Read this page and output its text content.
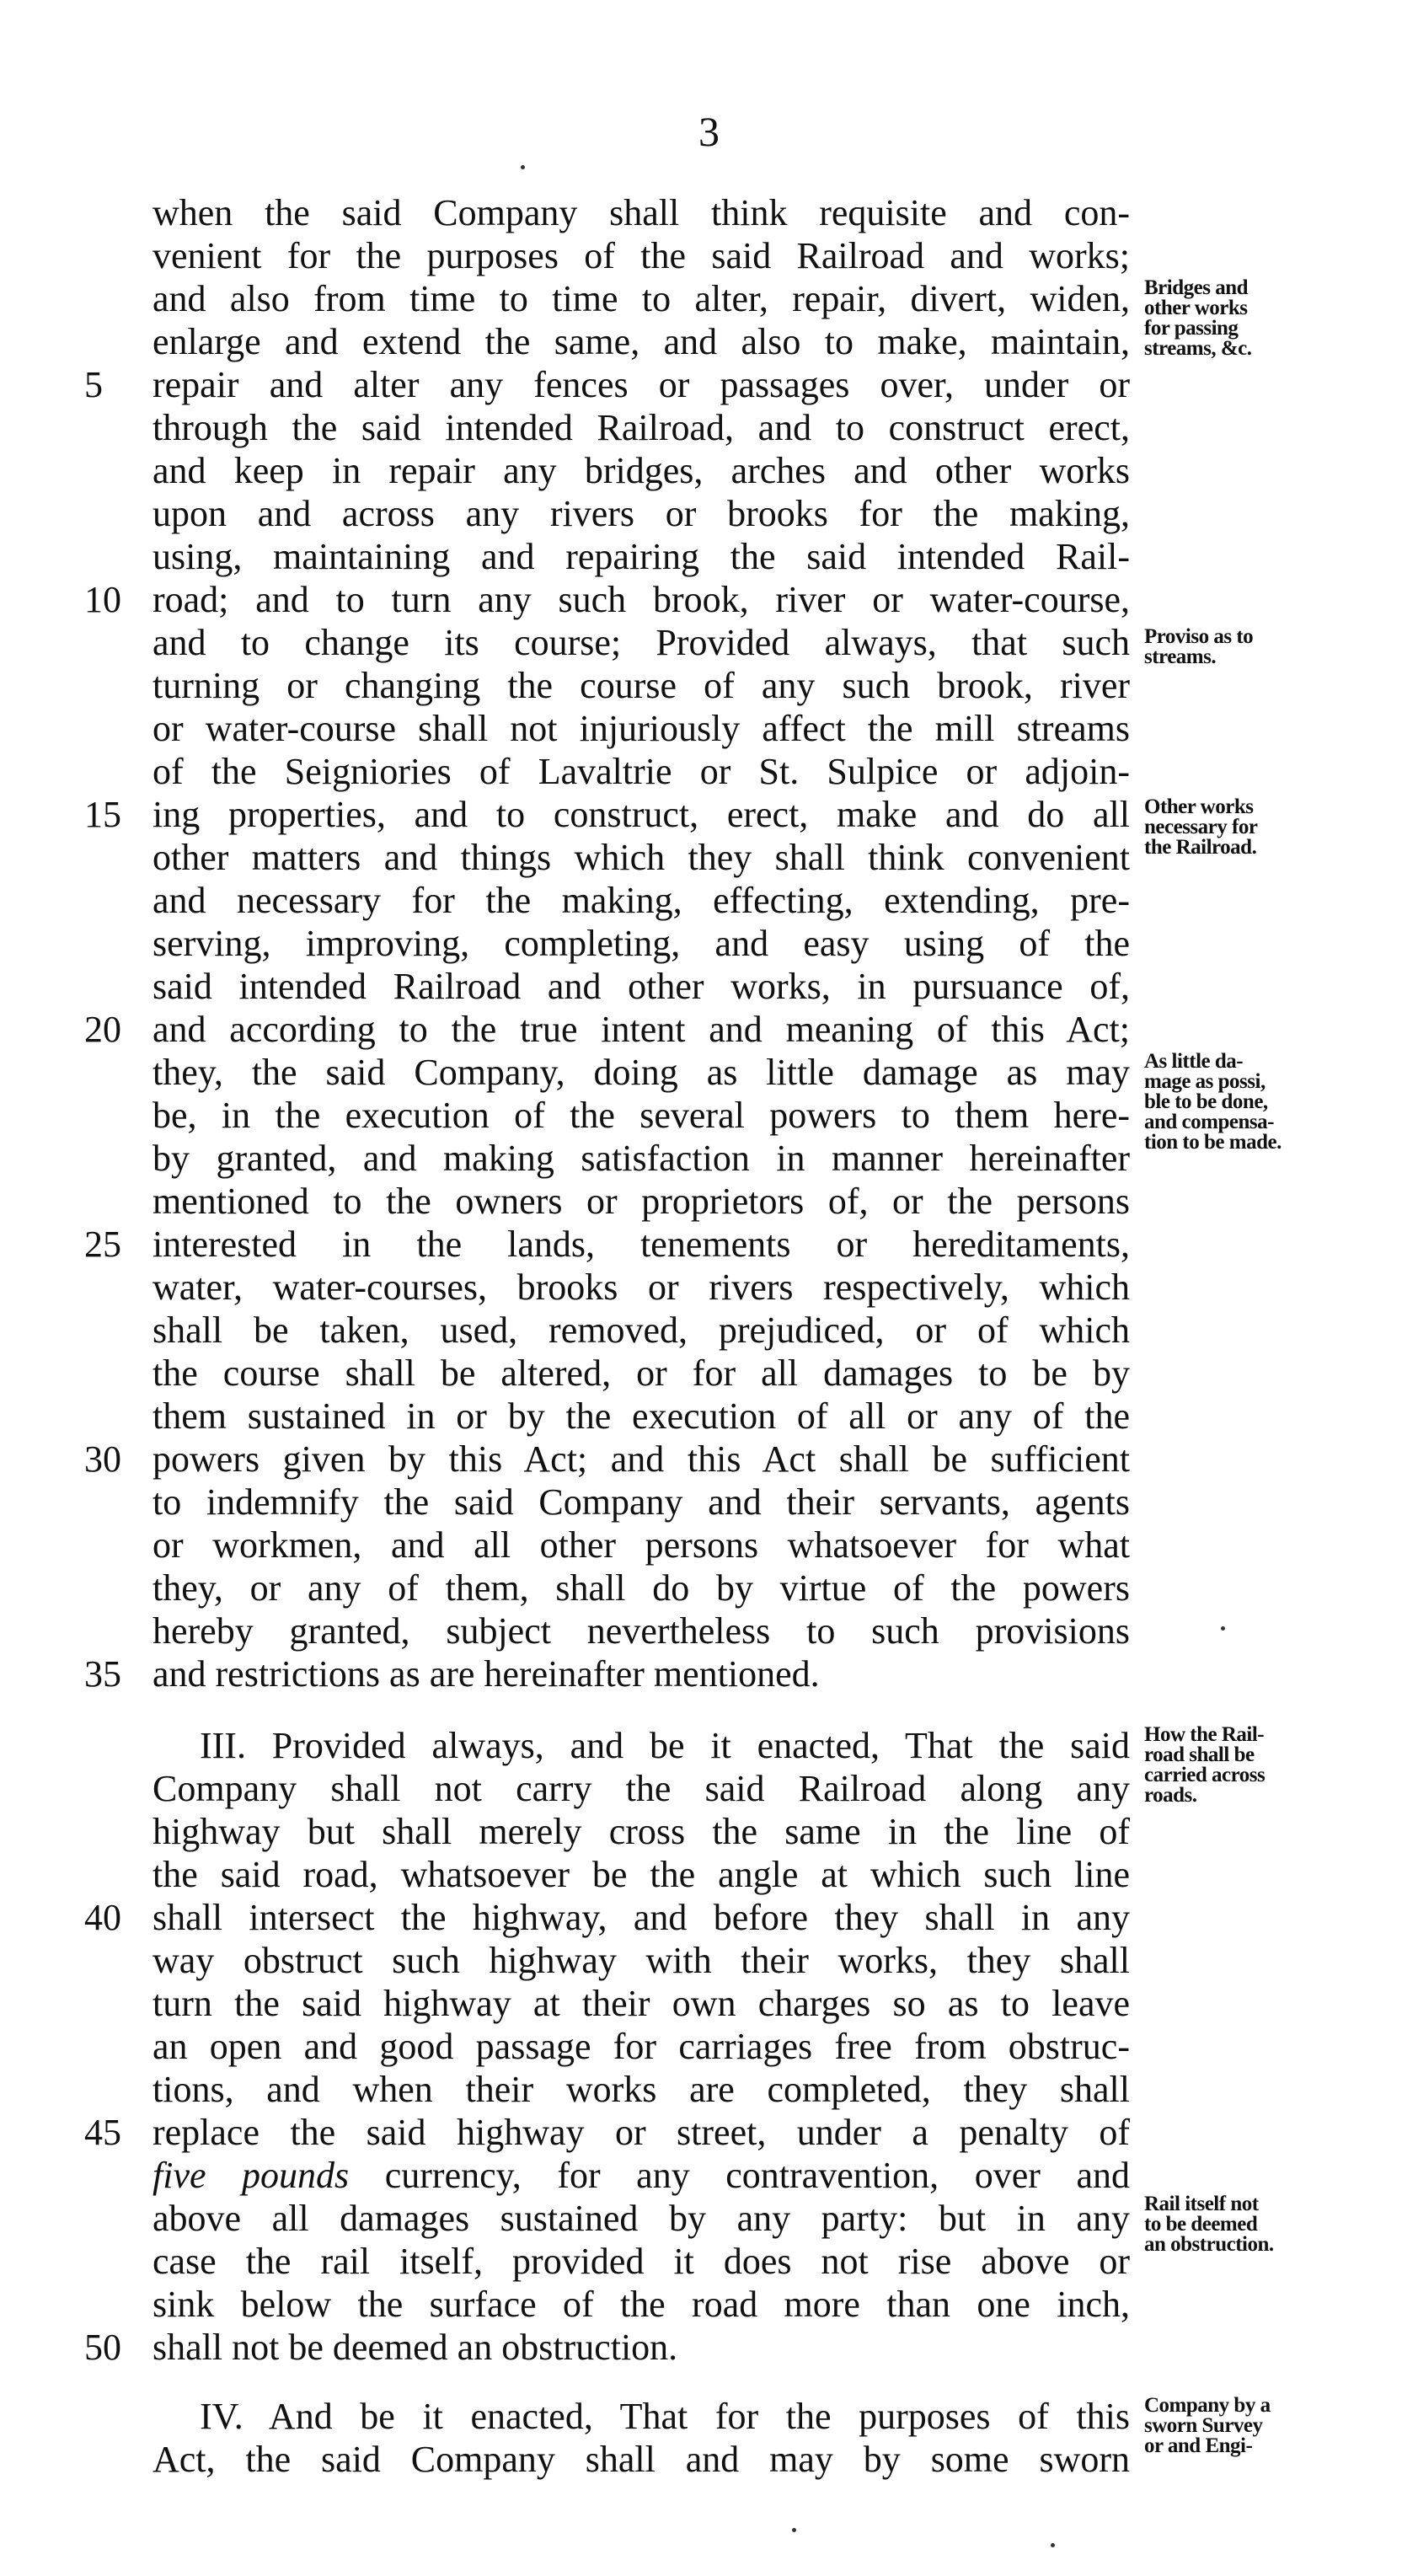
3
when the said Company shall think requisite and con-
venient for the purposes of the said Railroad and works;
and also from time to time to alter, repair, divert, widen,
enlarge and extend the same, and also to make, maintain,
5	repair and alter any fences or passages over, under or
through the said intended Railroad, and to construct erect,
and keep in repair any bridges, arches and other works
upon and across any rivers or brooks for the making,
using, maintaining and repairing the said intended Rail-
10 road; and to turn any such brook, river or water-course,
and to change its course; Provided always, that such
turning or changing the course of any such brook, river
or water-course shall not injuriously affect the mill streams
of the Seigniories of Lavaltrie or St. Sulpice or adjoin-
15 ing properties, and to construct, erect, make and do all
other matters and things which they shall think convenient
and necessary for the making, effecting, extending, pre-
serving, improving, completing, and easy using of the
said intended Railroad and other works, in pursuance of,
20 and according to the true intent and meaning of this Act;
they, the said Company, doing as little damage as may
be, in the execution of the several powers to them here-
by granted, and making satisfaction in manner hereinafter
mentioned to the owners or proprietors of, or the persons
25 interested in the lands, tenements or hereditaments,
water, water-courses, brooks or rivers respectively, which
shall be taken, used, removed, prejudiced, or of which
the course shall be altered, or for all damages to be by
them sustained in or by the execution of all or any of the
30 powers given by this Act; and this Act shall be sufficient
to indemnify the said Company and their servants, agents
or workmen, and all other persons whatsoever for what
they, or any of them, shall do by virtue of the powers
hereby granted, subject nevertheless to such provisions
35 and restrictions as are hereinafter mentioned.
III. Provided always, and be it enacted, That the said
Company shall not carry the said Railroad along any
highway but shall merely cross the same in the line of
the said road, whatsoever be the angle at which such line
40 shall intersect the highway, and before they shall in any
way obstruct such highway with their works, they shall
turn the said highway at their own charges so as to leave
an open and good passage for carriages free from obstruc-
tions, and when their works are completed, they shall
45 replace the said highway or street, under a penalty of
five pounds currency, for any contravention, over and
above all damages sustained by any party: but in any
case the rail itself, provided it does not rise above or
sink below the surface of the road more than one inch,
50 shall not be deemed an obstruction.
IV. And be it enacted, That for the purposes of this
Act, the said Company shall and may by some sworn
Bridges and
other works
for passing
streams, &c.
Proviso as to
streams.
Other works
necessary for
the Railroad.
As little da-
mage as possi,
ble to be done,
and compensa-
tion to be made.
How the Rail-
road shall be
carried across
roads.
Rail itself not
to be deemed
an obstruction.
Company by a
sworn Survey
or and Engi-
